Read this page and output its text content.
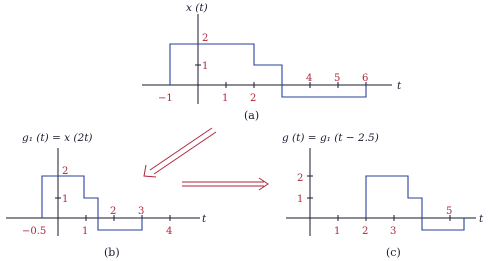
x (t)
t
−1	1 2
4 5 6
1
2
(a)
g₁ (t) = x (2t)
t
−0.5	1
2 3
4
1
2
(b)
g (t) = g₁ (t − 2.5)
t
1 2 3
5
1
2
(c)
